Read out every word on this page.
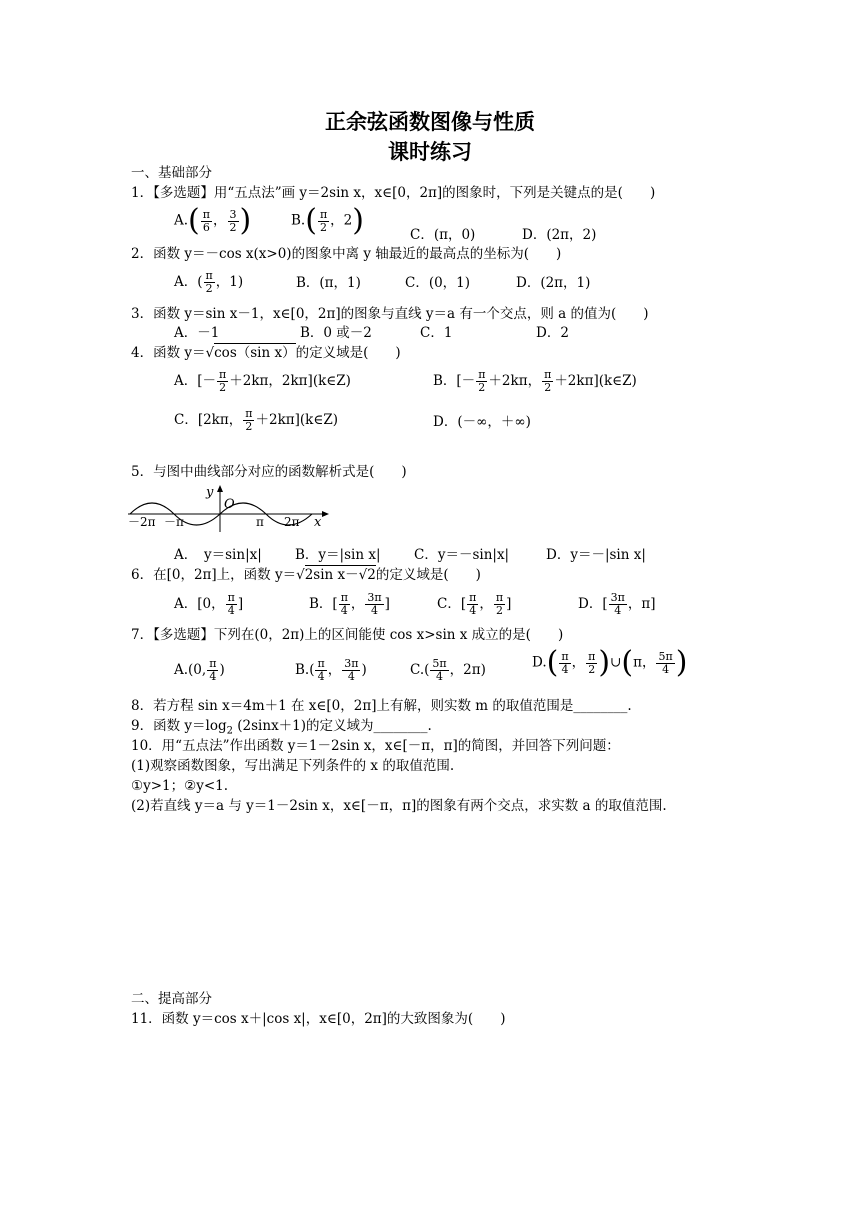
正余弦函数图像与性质
课时练习
一、基础部分
1．【多选题】用“五点法”画 y＝2sin x，x∈[0，2π]的图象时，下列是关键点的是(　　)
$A.( \frac{\pi}{6}$ ， $\frac{3}{2}$ )	$B.( \frac{\pi}{2}$ ，2)	C．(π，0)	D．(2π，2)
2．函数 y＝－cos x(x>0)的图象中离 y 轴最近的最高点的坐标为(　　)
A．( $\frac{\pi}{2}$ ，1)	B．(π，1)	C．(0，1)	D．(2π，1)
3．函数 y＝sin x－1，x∈[0，2π]的图象与直线 y＝a 有一个交点，则 a 的值为(　　)
A．－1	B．0 或－2	C．1	D．2
4．函数 y＝√cos（sin x）的定义域是(　　)
A．[－ $\frac{\pi}{2} +2k\pi$，2kπ](k∈Z)	B．[－ $\frac{\pi}{2} +2k\pi$， $\frac{\pi}{2}$ ＋2kπ](k∈Z)
C．[2kπ， $\frac{\pi}{2}$ ＋2kπ](k∈Z)	D．(－∞，＋∞)
5．与图中曲线部分对应的函数解析式是(　　)
y
O
x
－2π －π	π 2π
A．　y＝sin|x| B．y＝|sin x| C．y＝－sin|x|	D．y＝－|sin x|
6．在[0，2π]上，函数 y＝√2sin x－√2的定义域是(　　)
A．[0， $\frac{\pi}{4}$ ]	B．[ $\frac{\pi}{4}$ ， $\frac{3\pi}{4}$ ]	C．[ $\frac{\pi}{4}$ ， $\frac{\pi}{2}$ ]	D．[ $\frac{3\pi}{4}$ ，π]
7．【多选题】下列在(0，2π)上的区间能使 cos x>sin x 成立的是(　　)
A.(0, $\frac{\pi}{4}$ )	$B.( \frac{\pi}{4}$ ， $\frac{3\pi}{4}$ )	$C.( \frac{5\pi}{4}$ ，2π)	$D.( \frac{\pi}{4}$ ， $\frac{\pi}{2}$ )∪(π， $\frac{5\pi}{4}$ )
8．若方程 sin x＝4m＋1 在 x∈[0，2π]上有解，则实数 m 的取值范围是________.
9．函数 $y=\log_2$ (2sinx＋1)的定义域为________.
10．用“五点法”作出函数 y＝1－2sin x，x∈[－π，π]的简图，并回答下列问题：
(1)观察函数图象，写出满足下列条件的 x 的取值范围.
①y>1；②y<1.
(2)若直线 y＝a 与 y＝1－2sin x，x∈[－π，π]的图象有两个交点，求实数 a 的取值范围.
二、提高部分
11．函数 y＝cos x＋|cos x|，x∈[0，2π]的大致图象为(　　)
